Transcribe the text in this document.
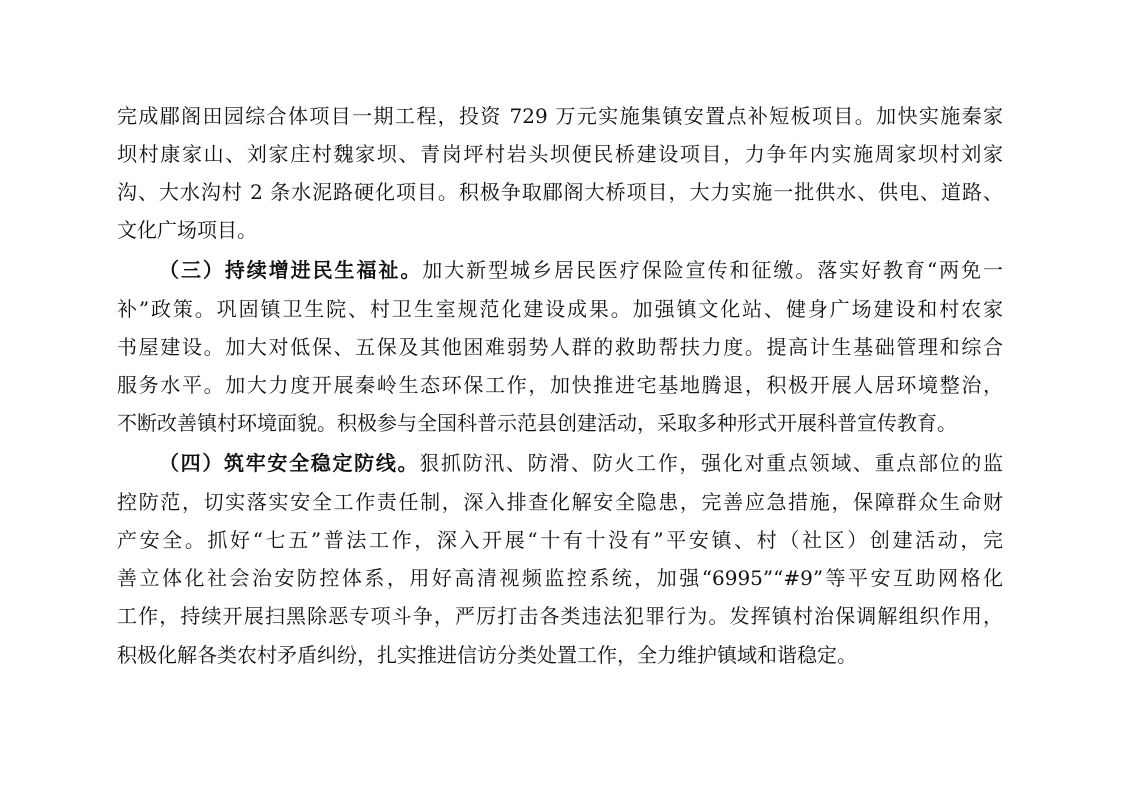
完成郿阁田园综合体项目一期工程，投资 729 万元实施集镇安置点补短板项目。加快实施秦家
坝村康家山、刘家庄村魏家坝、青岗坪村岩头坝便民桥建设项目，力争年内实施周家坝村刘家
沟、大水沟村 2 条水泥路硬化项目。积极争取郿阁大桥项目，大力实施一批供水、供电、道路、
文化广场项目。
（三）持续增进民生福祉。加大新型城乡居民医疗保险宣传和征缴。落实好教育“两免一
补”政策。巩固镇卫生院、村卫生室规范化建设成果。加强镇文化站、健身广场建设和村农家
书屋建设。加大对低保、五保及其他困难弱势人群的救助帮扶力度。提高计生基础管理和综合
服务水平。加大力度开展秦岭生态环保工作，加快推进宅基地腾退，积极开展人居环境整治，
不断改善镇村环境面貌。积极参与全国科普示范县创建活动，采取多种形式开展科普宣传教育。
（四）筑牢安全稳定防线。狠抓防汛、防滑、防火工作，强化对重点领域、重点部位的监
控防范，切实落实安全工作责任制，深入排查化解安全隐患，完善应急措施，保障群众生命财
产安全。抓好“七五”普法工作，深入开展“十有十没有”平安镇、村（社区）创建活动，完
善立体化社会治安防控体系，用好高清视频监控系统，加强“6995”“#9”等平安互助网格化
工作，持续开展扫黑除恶专项斗争，严厉打击各类违法犯罪行为。发挥镇村治保调解组织作用，
积极化解各类农村矛盾纠纷，扎实推进信访分类处置工作，全力维护镇域和谐稳定。
